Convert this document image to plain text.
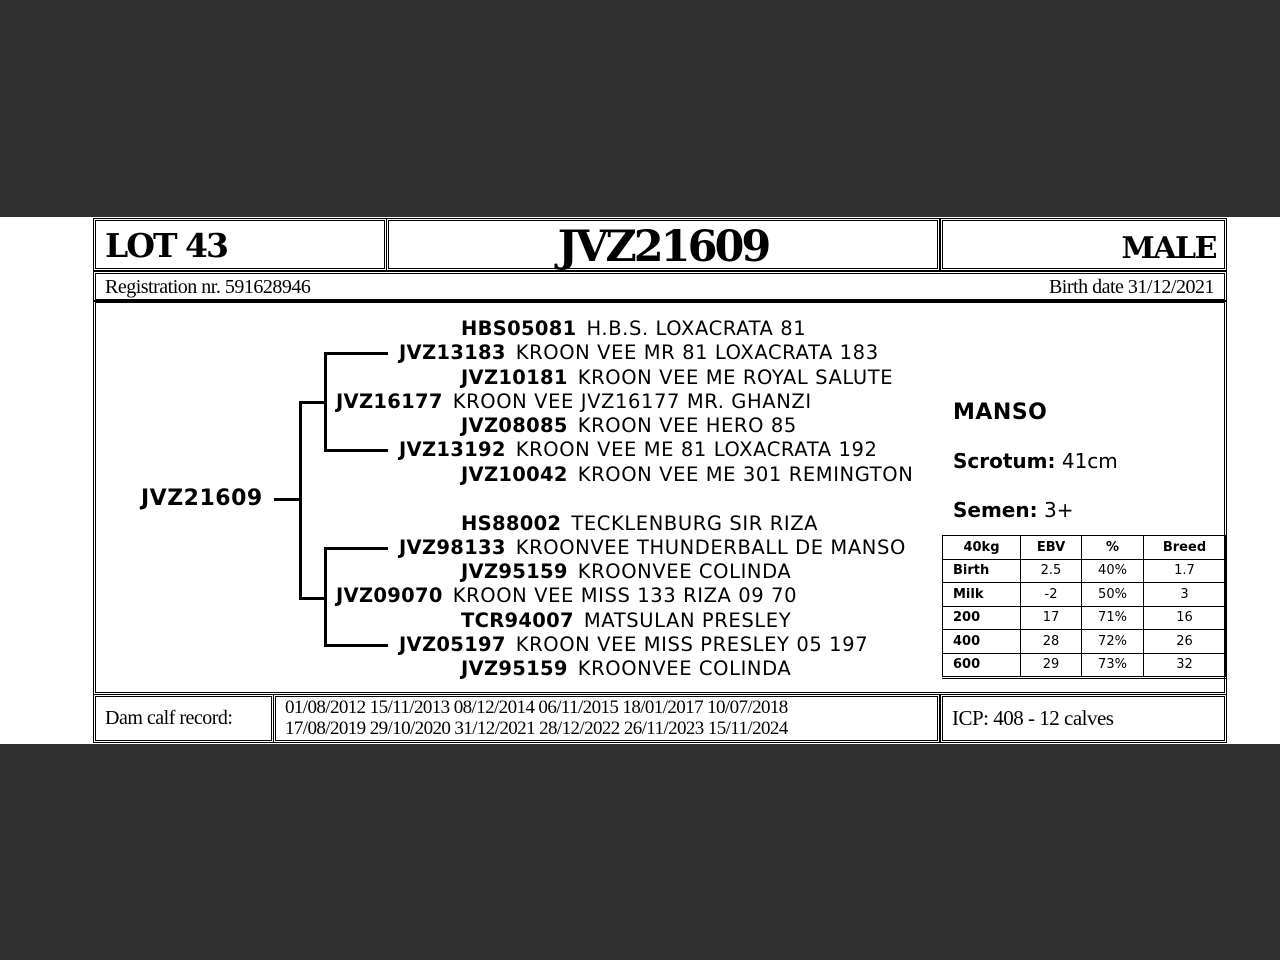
LOT 43	JVZ21609	MALE
Registration nr. 591628946	Birth date 31/12/2021
JVZ21609
HBS05081 H.B.S. LOXACRATA 81
JVZ13183 KROON VEE MR 81 LOXACRATA 183
JVZ10181 KROON VEE ME ROYAL SALUTE
JVZ16177 KROON VEE JVZ16177 MR. GHANZI
JVZ08085 KROON VEE HERO 85
JVZ13192 KROON VEE ME 81 LOXACRATA 192
JVZ10042 KROON VEE ME 301 REMINGTON
HS88002 TECKLENBURG SIR RIZA
JVZ98133 KROONVEE THUNDERBALL DE MANSO
JVZ95159 KROONVEE COLINDA
JVZ09070 KROON VEE MISS 133 RIZA 09 70
TCR94007 MATSULAN PRESLEY
JVZ05197 KROON VEE MISS PRESLEY 05 197
JVZ95159 KROONVEE COLINDA
MANSO
Scrotum: 41cm
Semen: 3+
40kg	EBV	%	Breed
Birth	2.5	40%	1.7
Milk	-2	50%	3
200	17	71%	16
400	28	72%	26
600	29	73%	32
Dam calf record:	01/08/2012 15/11/2013 08/12/2014 06/11/2015 18/01/2017 10/07/2018
17/08/2019 29/10/2020 31/12/2021 28/12/2022 26/11/2023 15/11/2024	ICP: 408 - 12 calves
